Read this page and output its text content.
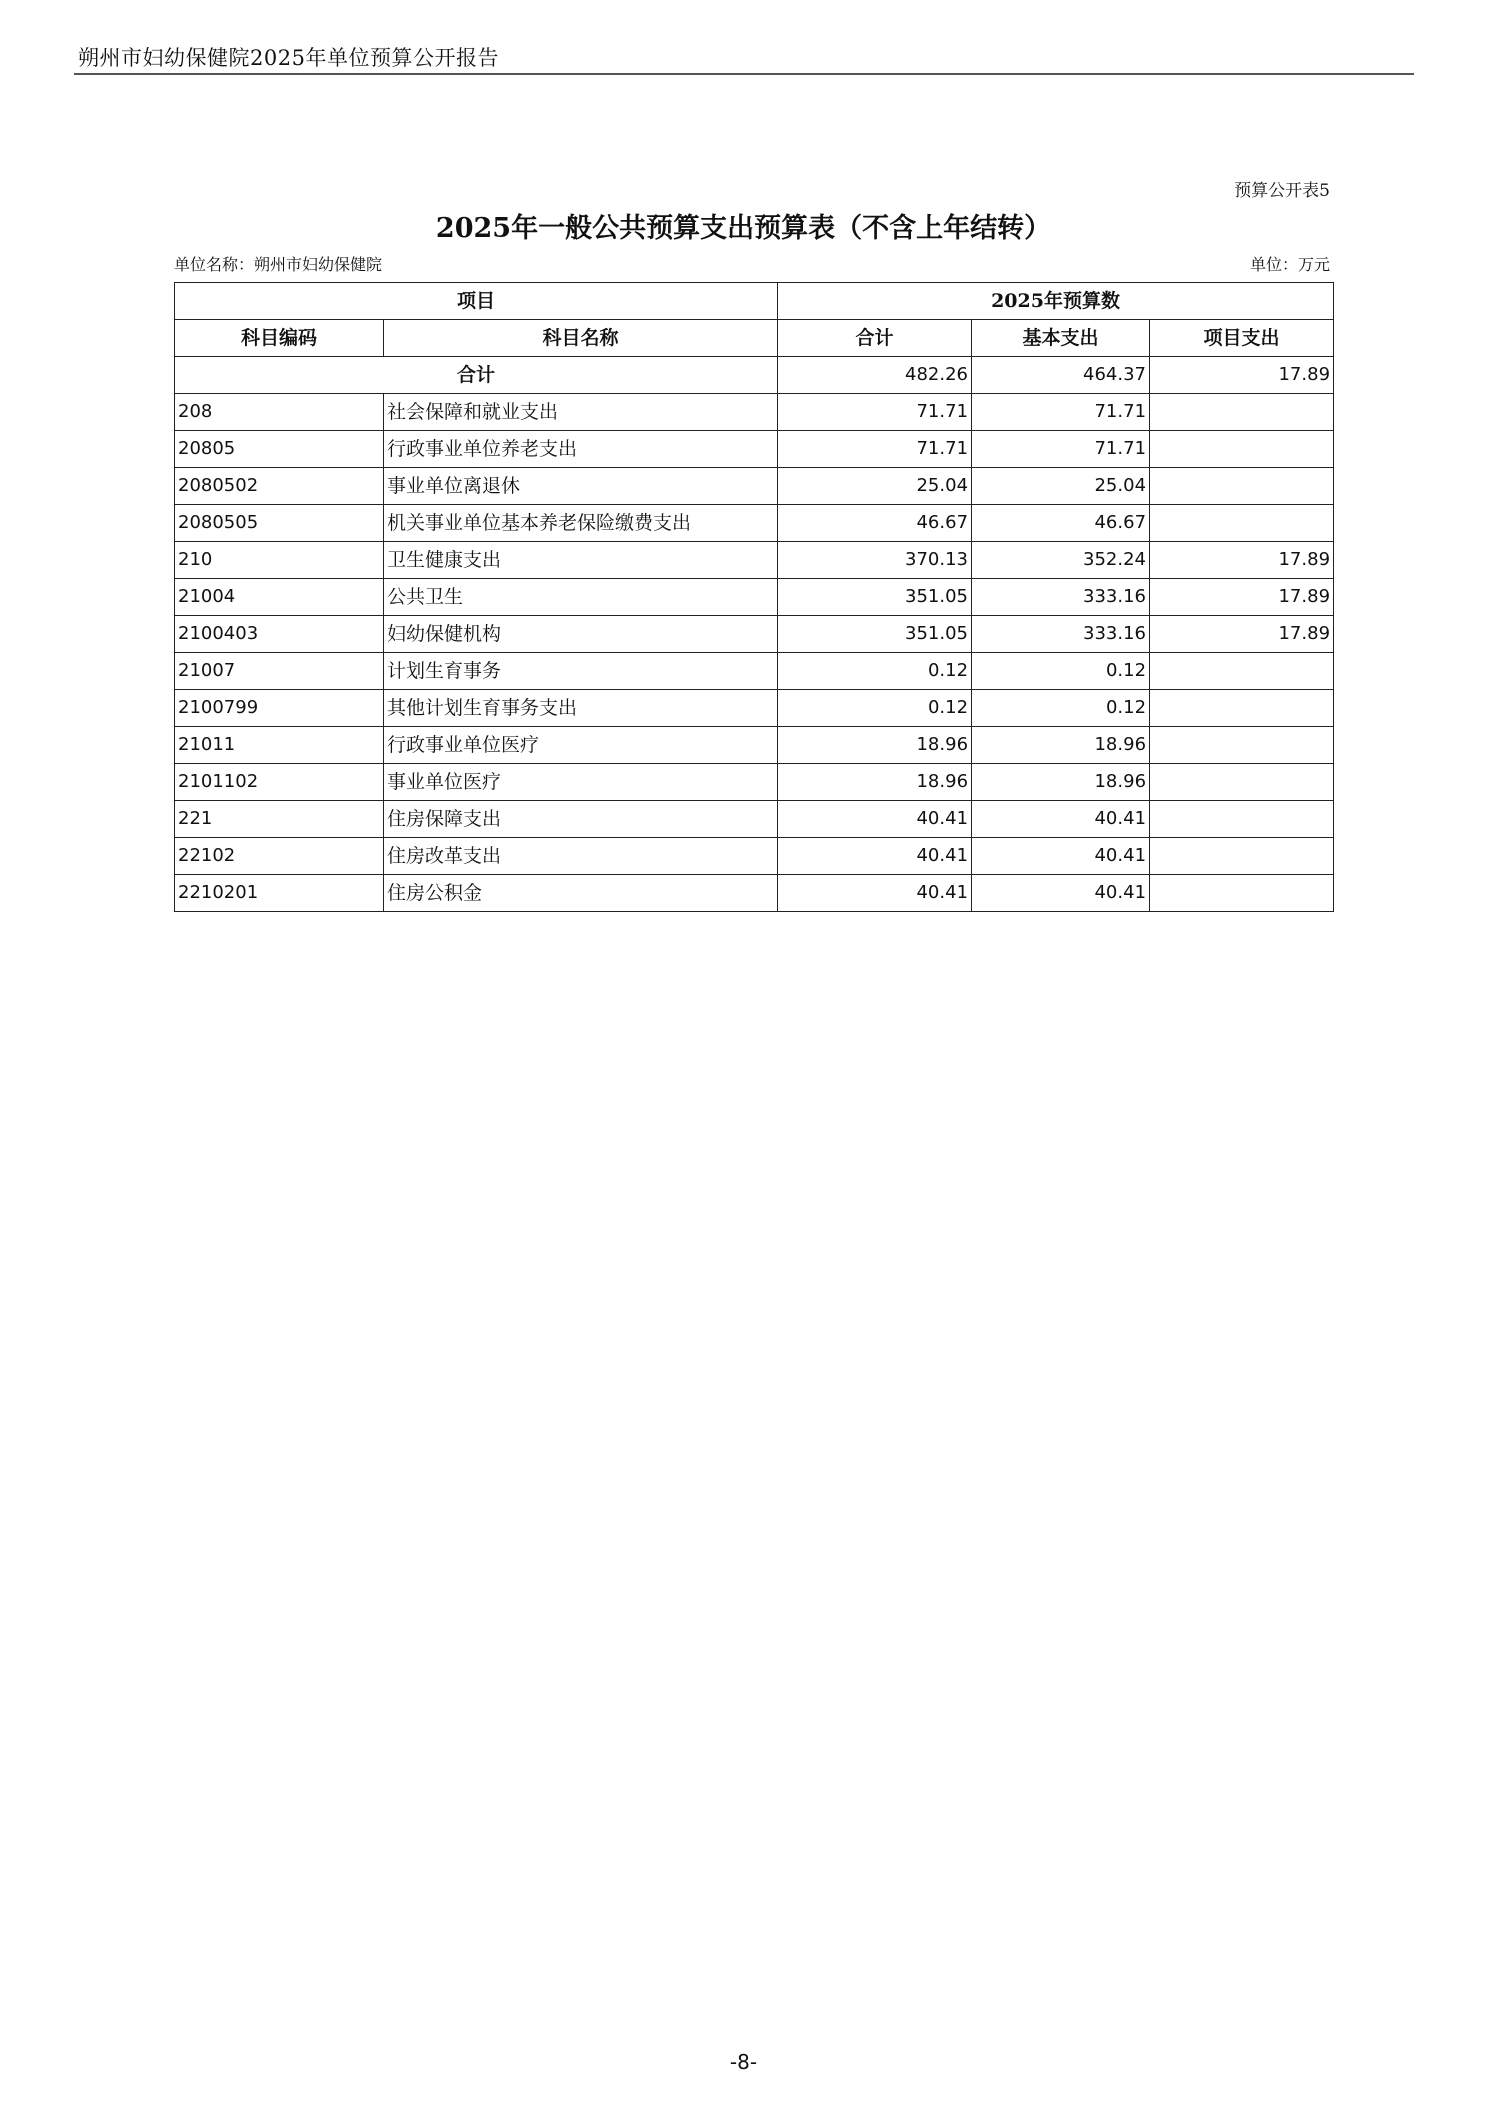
朔州市妇幼保健院2025年单位预算公开报告
预算公开表5
2025年一般公共预算支出预算表（不含上年结转）
单位名称：朔州市妇幼保健院	单位：万元
项目		2025年预算数		
科目编码	科目名称	合计	基本支出	项目支出
合计		482.26	464.37	17.89
208	社会保障和就业支出	71.71	71.71	
20805	行政事业单位养老支出	71.71	71.71	
2080502	事业单位离退休	25.04	25.04	
2080505	机关事业单位基本养老保险缴费支出	46.67	46.67	
210	卫生健康支出	370.13	352.24	17.89
21004	公共卫生	351.05	333.16	17.89
2100403	妇幼保健机构	351.05	333.16	17.89
21007	计划生育事务	0.12	0.12	
2100799	其他计划生育事务支出	0.12	0.12	
21011	行政事业单位医疗	18.96	18.96	
2101102	事业单位医疗	18.96	18.96	
221	住房保障支出	40.41	40.41	
22102	住房改革支出	40.41	40.41	
2210201	住房公积金	40.41	40.41	
-8-
